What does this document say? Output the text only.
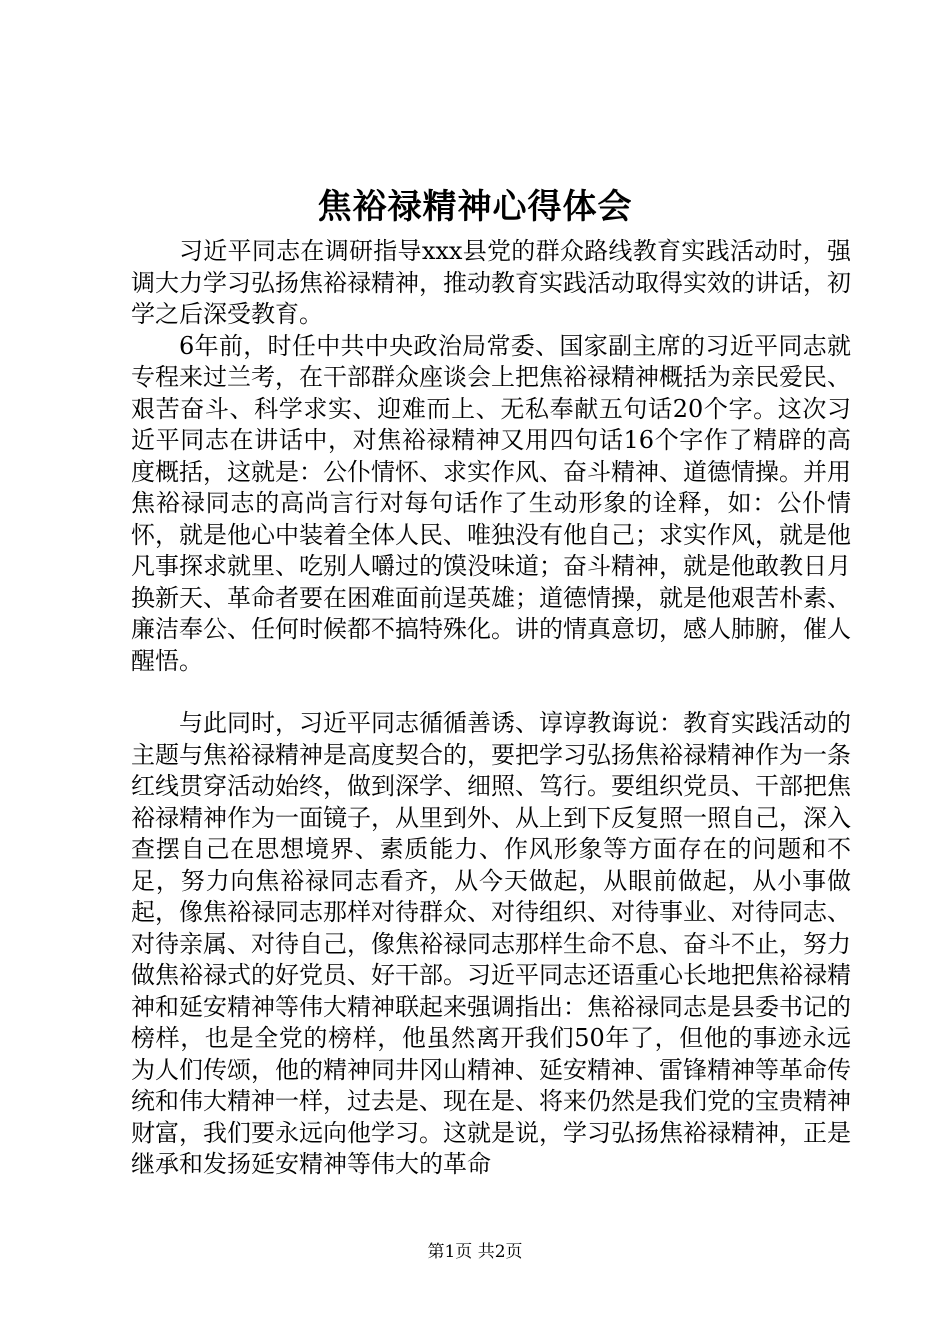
焦裕禄精神心得体会

习近平同志在调研指导xxx县党的群众路线教育实践活动时，强调大力学习弘扬焦裕禄精神，推动教育实践活动取得实效的讲话，初学之后深受教育。

6年前，时任中共中央政治局常委、国家副主席的习近平同志就专程来过兰考，在干部群众座谈会上把焦裕禄精神概括为亲民爱民、艰苦奋斗、科学求实、迎难而上、无私奉献五句话20个字。这次习近平同志在讲话中，对焦裕禄精神又用四句话16个字作了精辟的高度概括，这就是：公仆情怀、求实作风、奋斗精神、道德情操。并用焦裕禄同志的高尚言行对每句话作了生动形象的诠释，如：公仆情怀，就是他心中装着全体人民、唯独没有他自己；求实作风，就是他凡事探求就里、吃别人嚼过的馍没味道；奋斗精神，就是他敢教日月换新天、革命者要在困难面前逞英雄；道德情操，就是他艰苦朴素、廉洁奉公、任何时候都不搞特殊化。讲的情真意切，感人肺腑，催人醒悟。

与此同时，习近平同志循循善诱、谆谆教诲说：教育实践活动的主题与焦裕禄精神是高度契合的，要把学习弘扬焦裕禄精神作为一条红线贯穿活动始终，做到深学、细照、笃行。要组织党员、干部把焦裕禄精神作为一面镜子，从里到外、从上到下反复照一照自己，深入查摆自己在思想境界、素质能力、作风形象等方面存在的问题和不足，努力向焦裕禄同志看齐，从今天做起，从眼前做起，从小事做起，像焦裕禄同志那样对待群众、对待组织、对待事业、对待同志、对待亲属、对待自己，像焦裕禄同志那样生命不息、奋斗不止，努力做焦裕禄式的好党员、好干部。习近平同志还语重心长地把焦裕禄精神和延安精神等伟大精神联起来强调指出：焦裕禄同志是县委书记的榜样，也是全党的榜样，他虽然离开我们50年了，但他的事迹永远为人们传颂，他的精神同井冈山精神、延安精神、雷锋精神等革命传统和伟大精神一样，过去是、现在是、将来仍然是我们党的宝贵精神财富，我们要永远向他学习。这就是说，学习弘扬焦裕禄精神，正是继承和发扬延安精神等伟大的革命

第1页 共2页
